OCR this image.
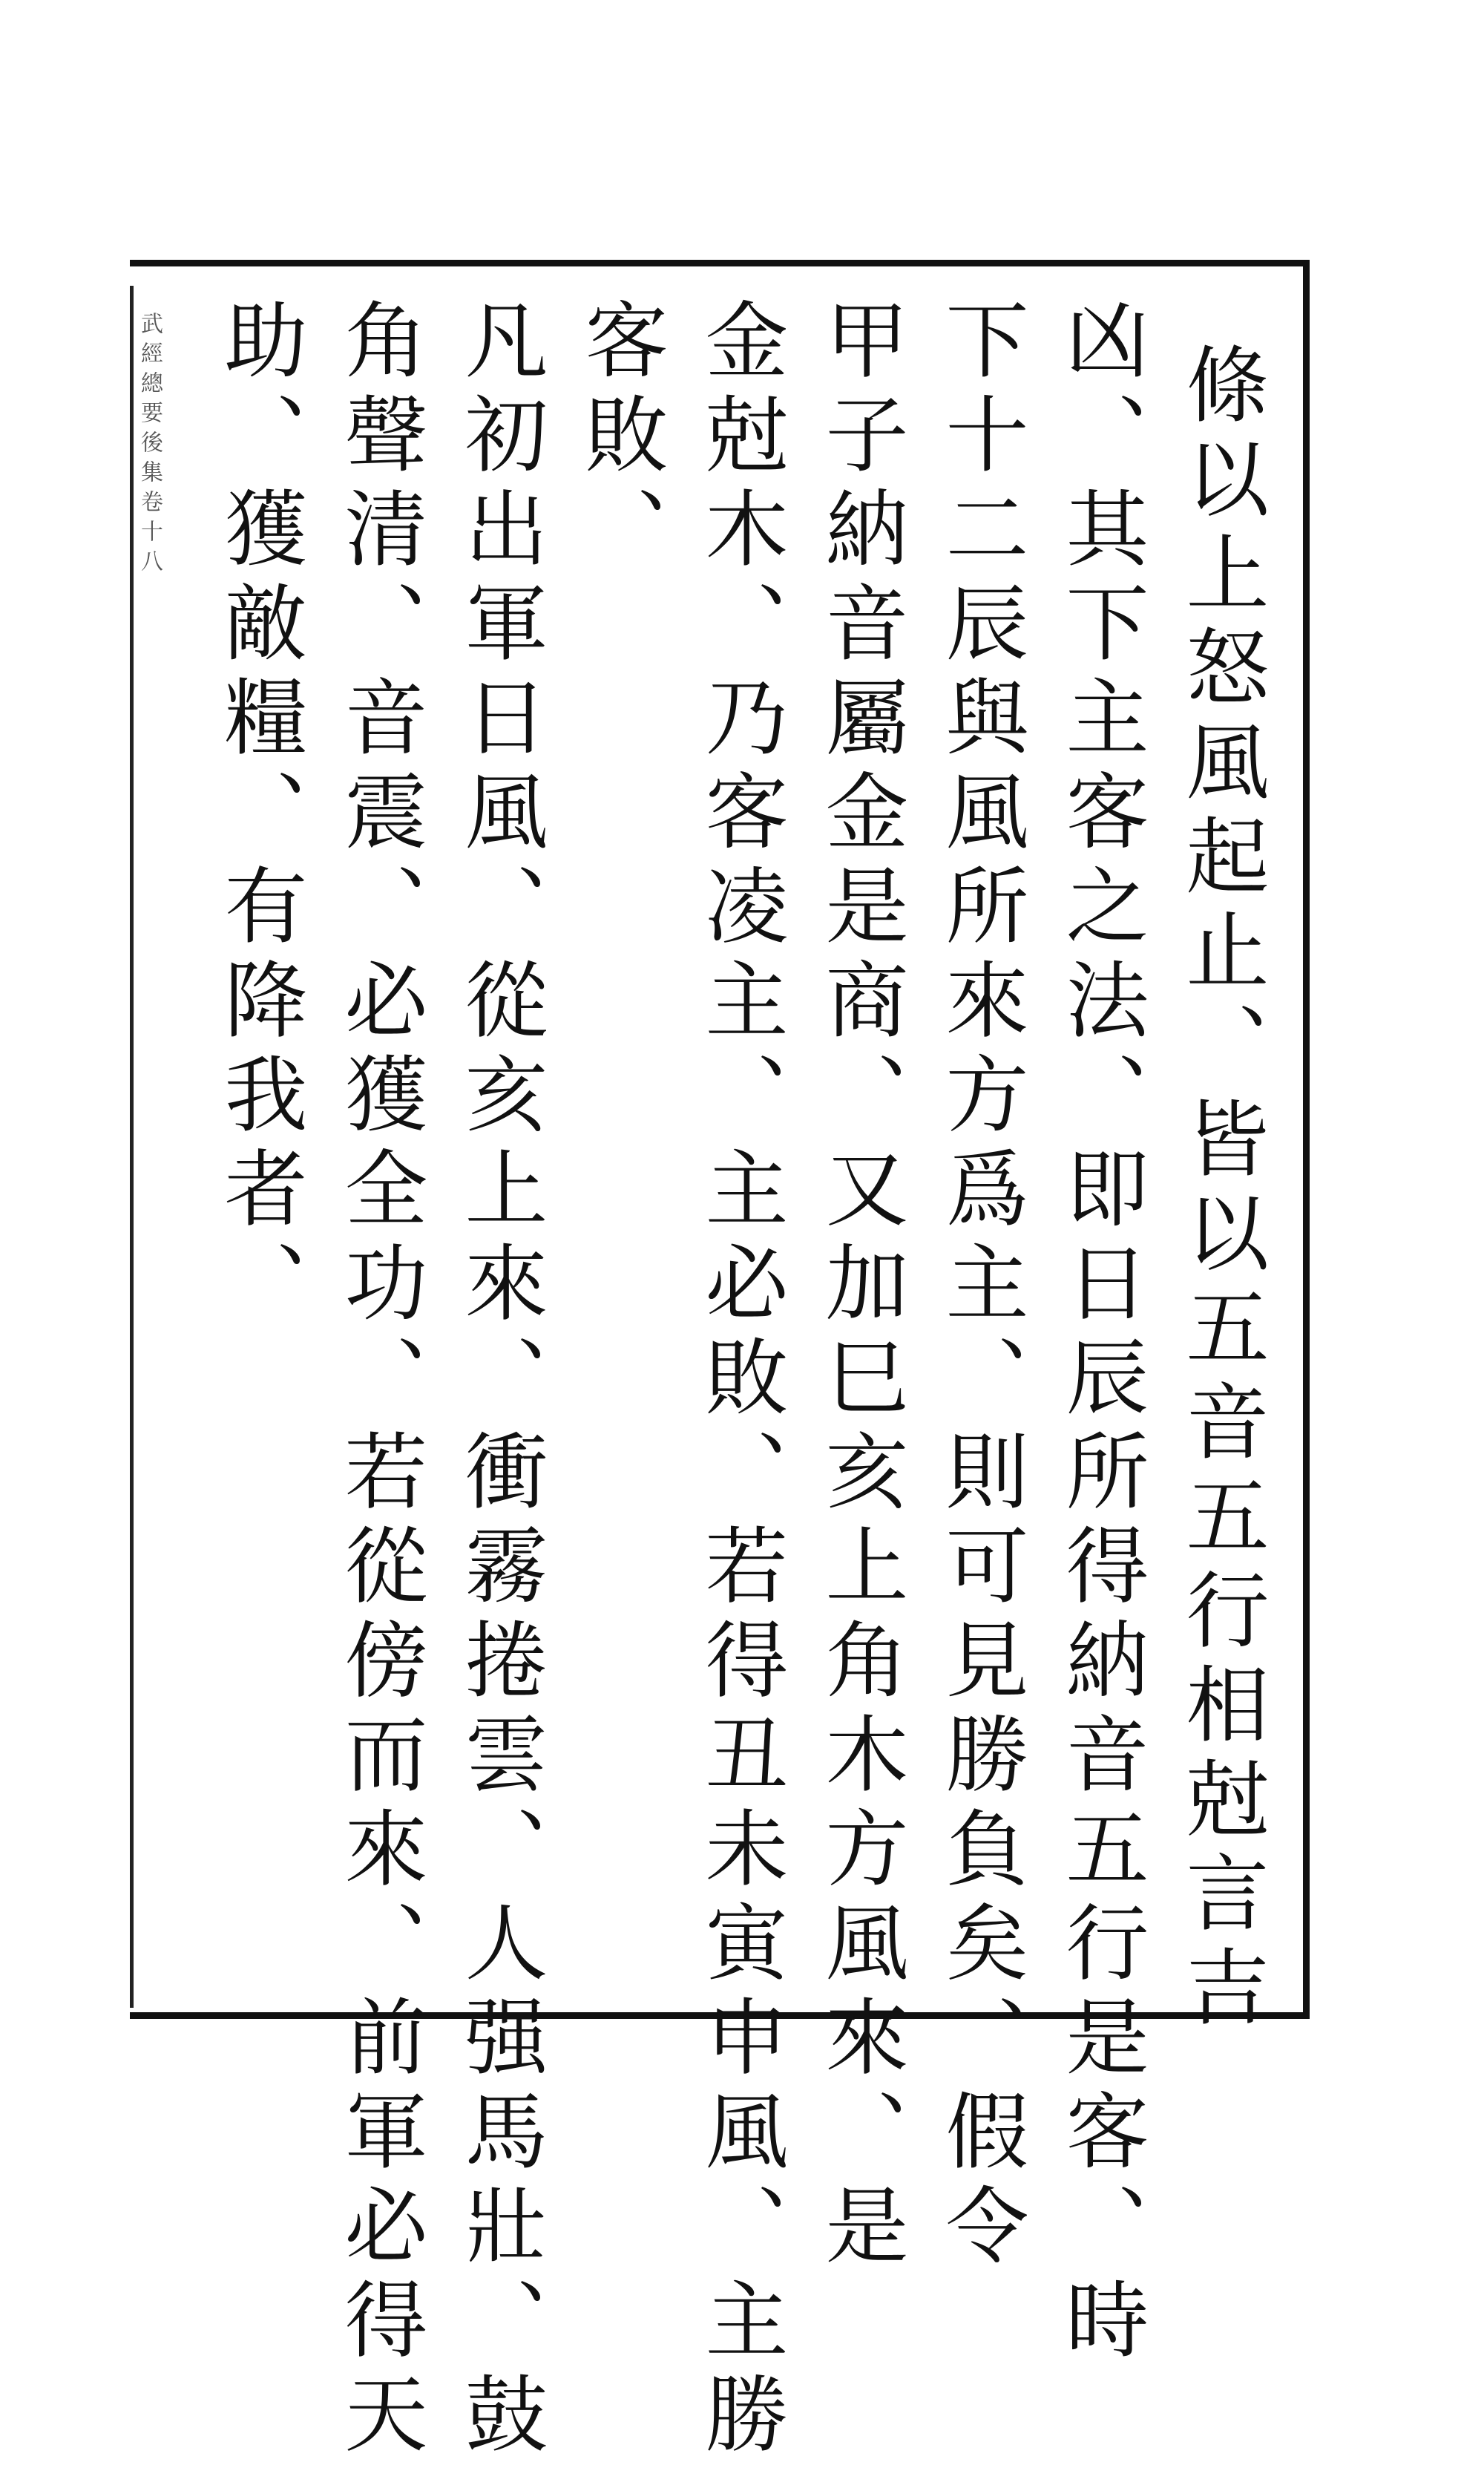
武經總要後集卷十八	條以上怒風起止、皆以五音五行相尅言吉
凶、其下主客之法、即日辰所得納音五行是客、時
下十二辰與風所來方爲主、則可見勝負矣、假令
甲子納音屬金是商、又加巳亥上角木方風來、是
金尅木、乃客凌主、主必敗、若得丑未寅申風、主勝
客敗、
凡初出軍日風、從亥上來、衝霧捲雲、人强馬壯、鼓
角聲清、音震、必獲全功、若從傍而來、前軍必得天
助、獲敵糧、有降我者、
